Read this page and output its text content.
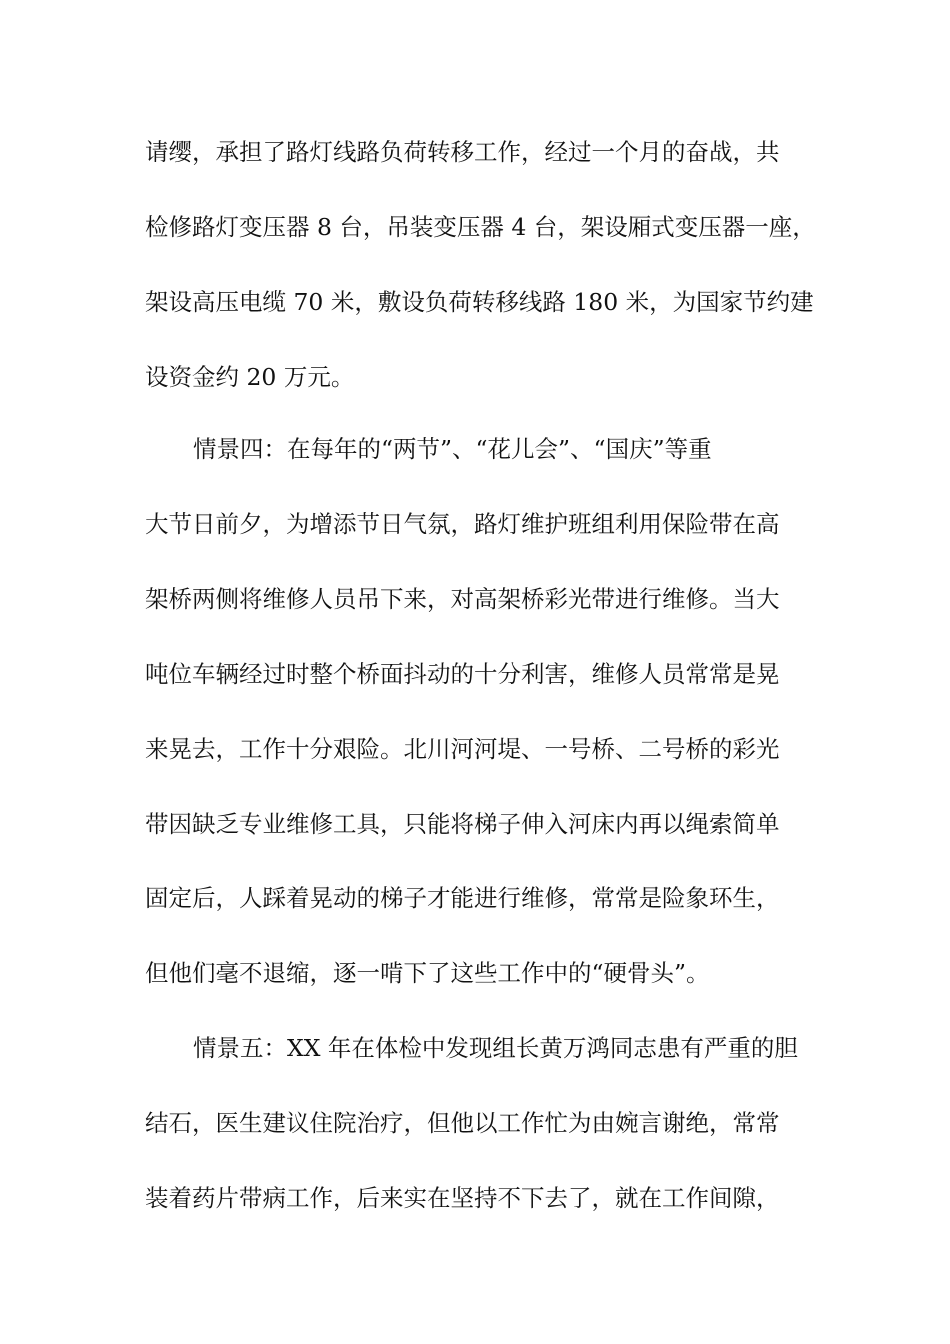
请缨，承担了路灯线路负荷转移工作，经过一个月的奋战，共

检修路灯变压器 8 台，吊装变压器 4 台，架设厢式变压器一座，

架设高压电缆 70 米，敷设负荷转移线路 180 米，为国家节约建

设资金约 20 万元。

情景四：在每年的“两节”、“花儿会”、“国庆”等重

大节日前夕，为增添节日气氛，路灯维护班组利用保险带在高

架桥两侧将维修人员吊下来，对高架桥彩光带进行维修。当大

吨位车辆经过时整个桥面抖动的十分利害，维修人员常常是晃

来晃去，工作十分艰险。北川河河堤、一号桥、二号桥的彩光

带因缺乏专业维修工具，只能将梯子伸入河床内再以绳索简单

固定后，人踩着晃动的梯子才能进行维修，常常是险象环生，

但他们毫不退缩，逐一啃下了这些工作中的“硬骨头”。

情景五：XX 年在体检中发现组长黄万鸿同志患有严重的胆

结石，医生建议住院治疗，但他以工作忙为由婉言谢绝，常常

装着药片带病工作，后来实在坚持不下去了，就在工作间隙，
